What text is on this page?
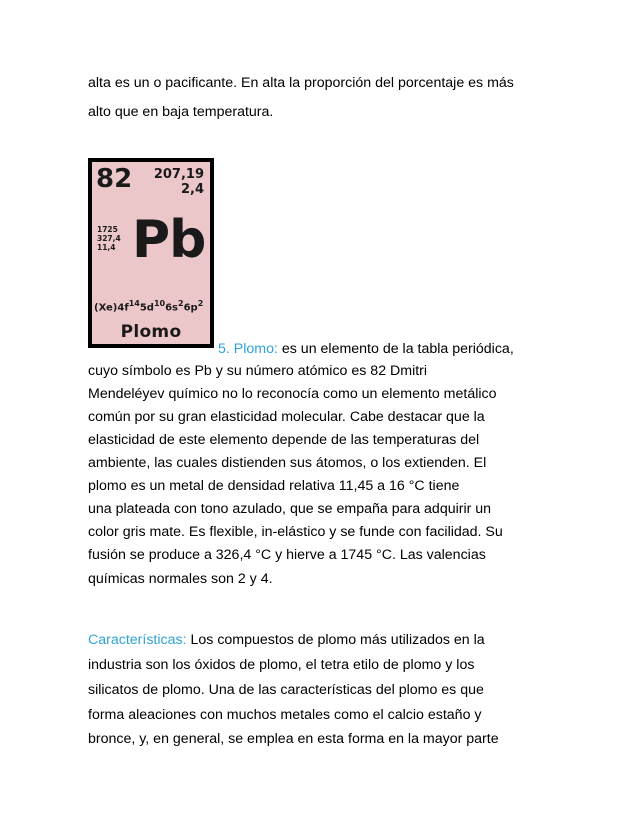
alta es un o pacificante. En alta la proporción del porcentaje es más

alto que en baja temperatura.

82 207,19
2,4
1725
327,4
11,4 Pb
$(Xe)4f^{14}5d^{10}6s^26p^2$
Plomo

5. Plomo: es un elemento de la tabla periódica,

cuyo símbolo es Pb y su número atómico es 82 Dmitri

Mendeléyev químico no lo reconocía como un elemento metálico

común por su gran elasticidad molecular. Cabe destacar que la

elasticidad de este elemento depende de las temperaturas del

ambiente, las cuales distienden sus átomos, o los extienden. El

plomo es un metal de densidad relativa 11,45 a 16 °C tiene

una plateada con tono azulado, que se empaña para adquirir un

color gris mate. Es flexible, in-elástico y se funde con facilidad. Su

fusión se produce a 326,4 °C y hierve a 1745 °C. Las valencias

químicas normales son 2 y 4.

Características: Los compuestos de plomo más utilizados en la

industria son los óxidos de plomo, el tetra etilo de plomo y los

silicatos de plomo. Una de las características del plomo es que

forma aleaciones con muchos metales como el calcio estaño y

bronce, y, en general, se emplea en esta forma en la mayor parte
